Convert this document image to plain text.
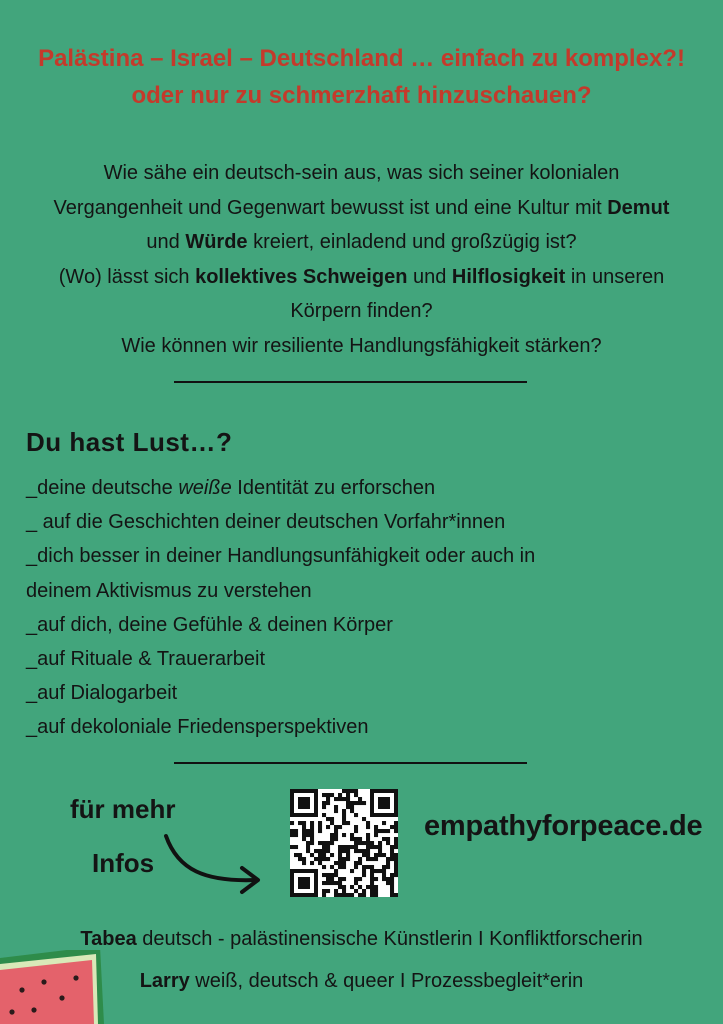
Palästina – Israel – Deutschland … einfach zu komplex?!
oder nur zu schmerzhaft hinzuschauen?
Wie sähe ein deutsch-sein aus, was sich seiner kolonialen
Vergangenheit und Gegenwart bewusst ist und eine Kultur mit Demut
und Würde kreiert, einladend und großzügig ist?
(Wo) lässt sich kollektives Schweigen und Hilflosigkeit in unseren
Körpern finden?
Wie können wir resiliente Handlungsfähigkeit stärken?
Du hast Lust…?
_deine deutsche weiße Identität zu erforschen
_ auf die Geschichten deiner deutschen Vorfahr*innen
_dich besser in deiner Handlungsunfähigkeit oder auch in
deinem Aktivismus zu verstehen
_auf dich, deine Gefühle & deinen Körper
_auf Rituale & Trauerarbeit
_auf Dialogarbeit
_auf dekoloniale Friedensperspektiven
für mehr
Infos
empathyforpeace.de
Tabea deutsch - palästinensische Künstlerin I Konfliktforscherin
Larry weiß, deutsch & queer I Prozessbegleit*erin
